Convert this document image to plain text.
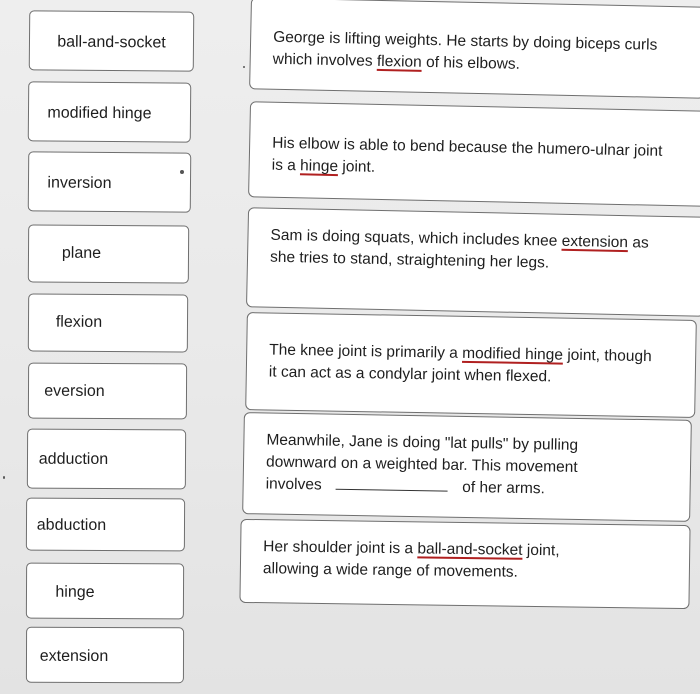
ball-and-socket
modified hinge
inversion
plane
flexion
eversion
adduction
abduction
hinge
extension

George is lifting weights. He starts by doing biceps curls which involves flexion of his elbows.

His elbow is able to bend because the humero-ulnar joint is a hinge joint.

Sam is doing squats, which includes knee extension as she tries to stand, straightening her legs.

The knee joint is primarily a modified hinge joint, though it can act as a condylar joint when flexed.

Meanwhile, Jane is doing "lat pulls" by pulling downward on a weighted bar. This movement involves	of her arms.

Her shoulder joint is a ball-and-socket joint, allowing a wide range of movements.
